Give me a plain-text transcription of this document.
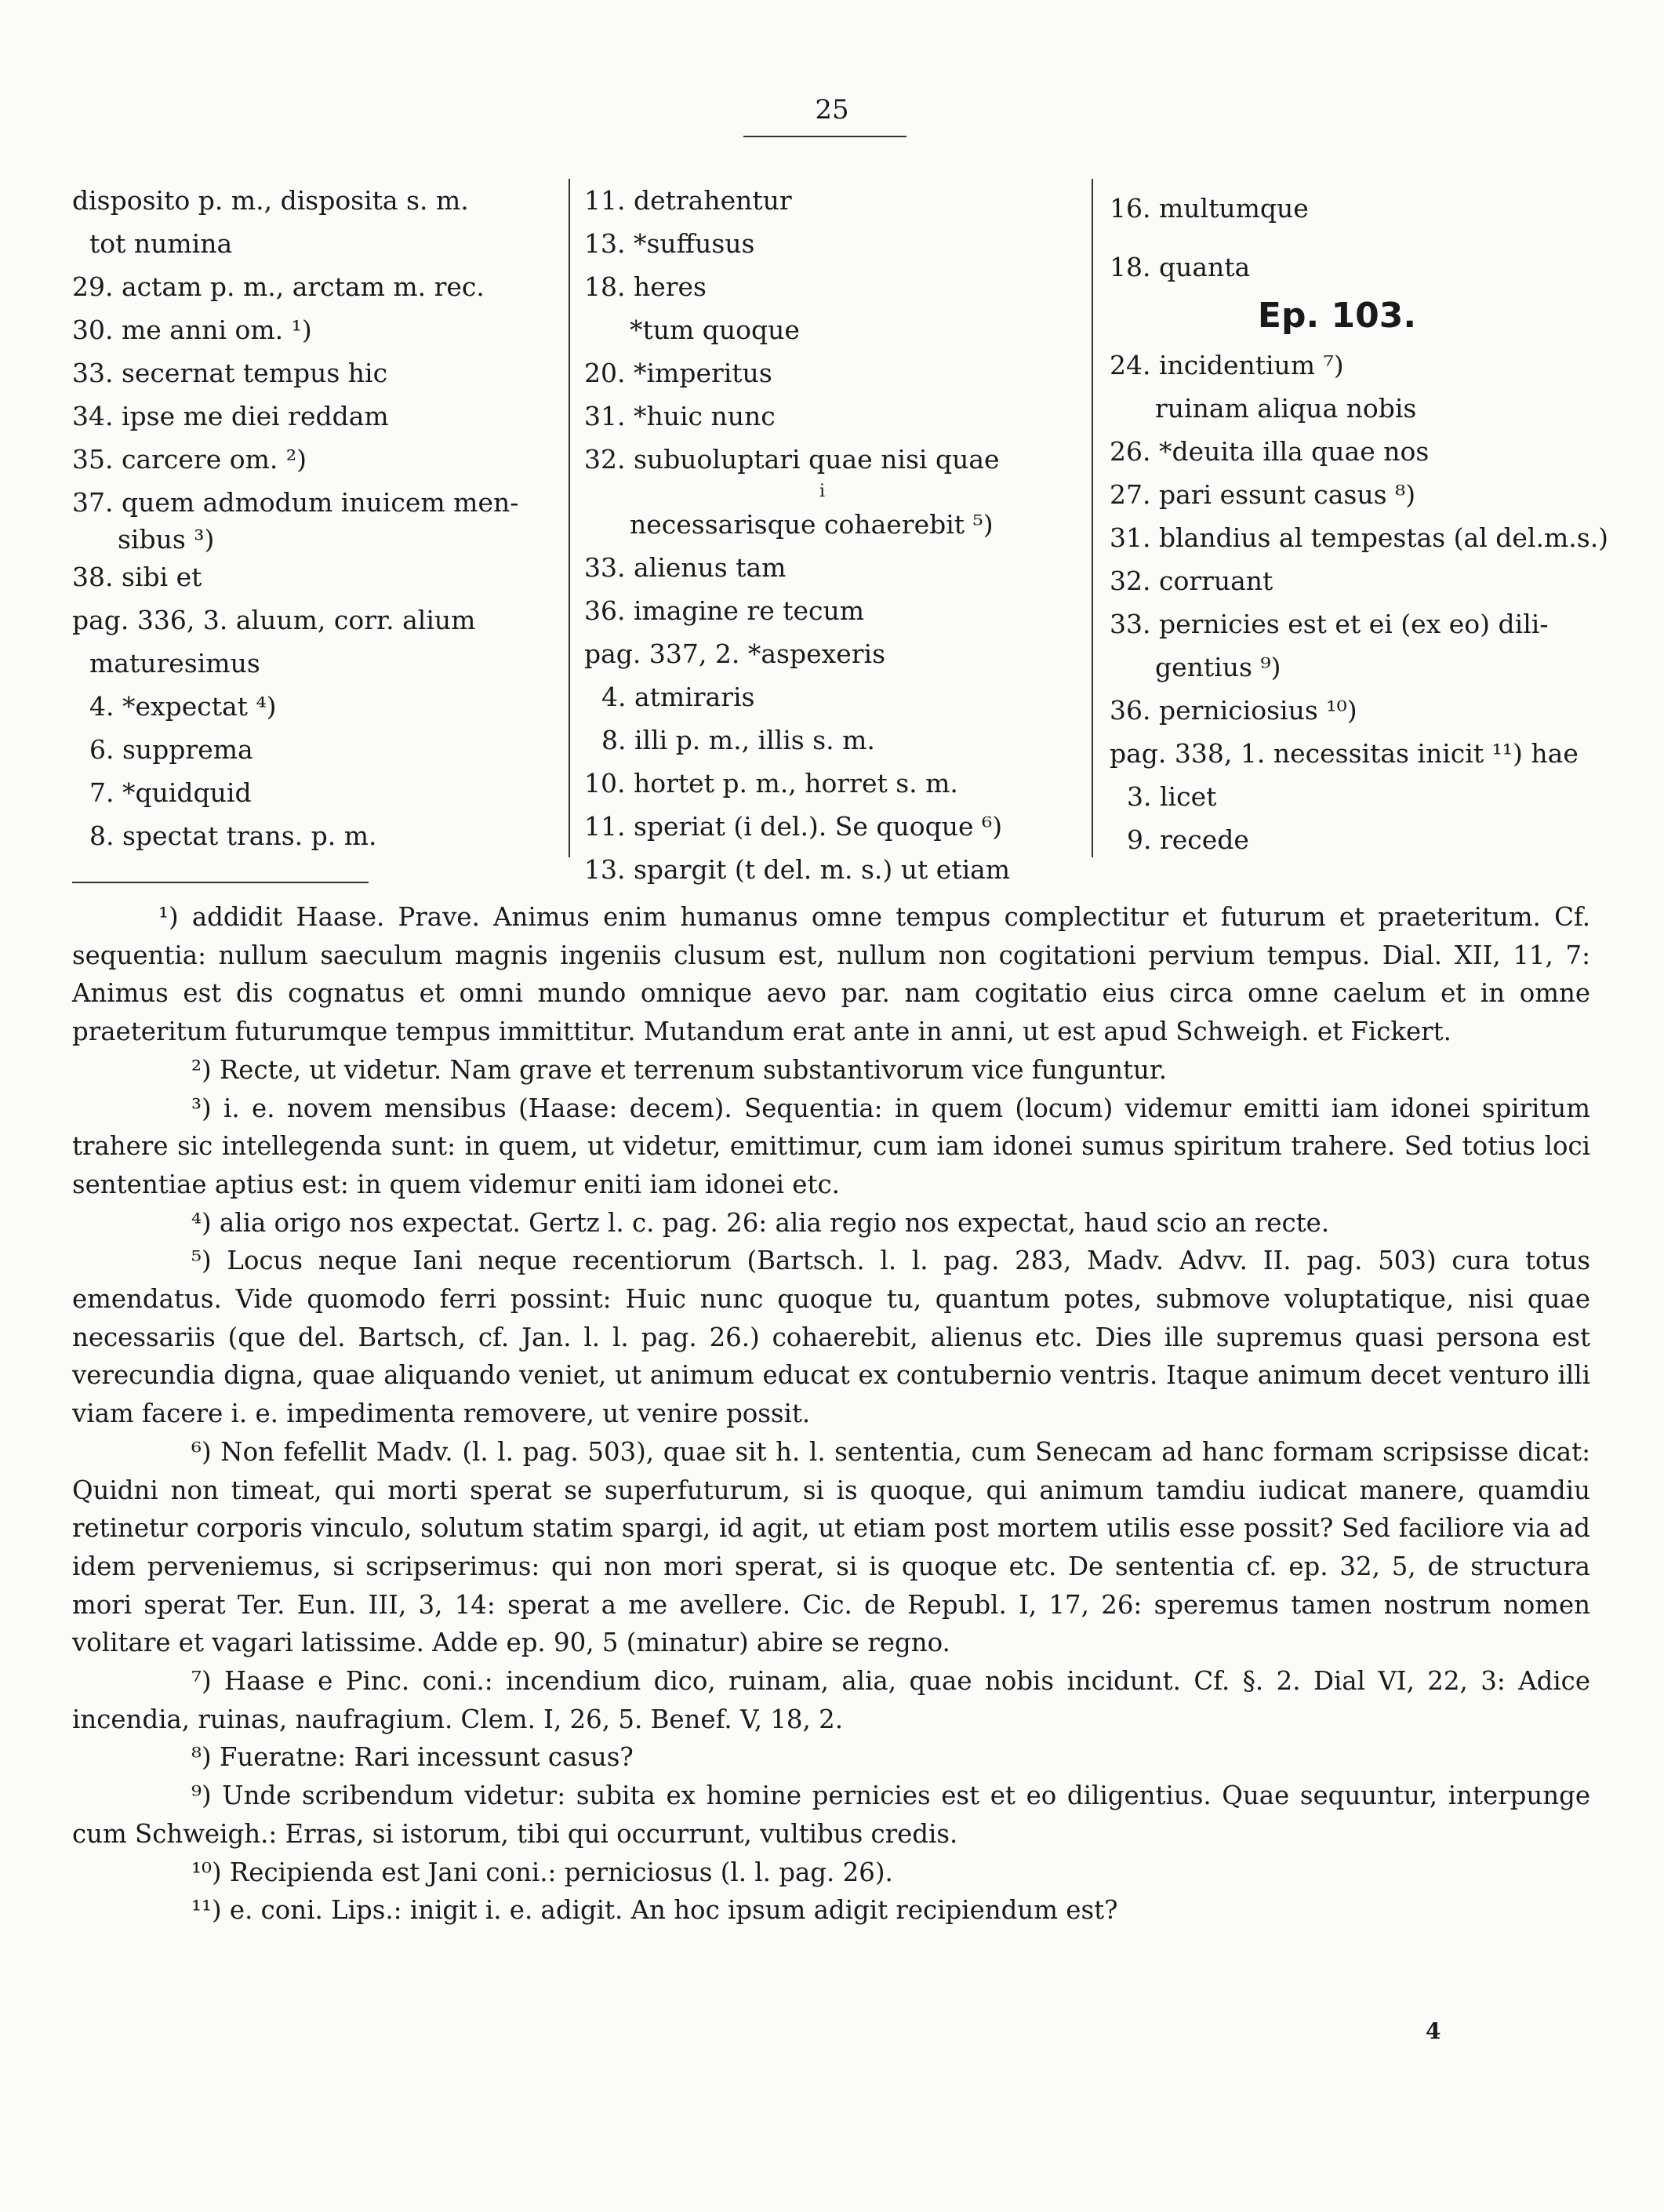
25
disposito p. m., disposita s. m.
tot numina
29. actam p. m., arctam m. rec.
30. me anni om. ¹)
33. secernat tempus hic
34. ipse me diei reddam
35. carcere om. ²)
37. quem admodum inuicem men-
sibus ³)
38. sibi et
pag. 336, 3. aluum, corr. alium
maturesimus
4. *expectat ⁴)
6. supprema
7. *quidquid
8. spectat trans. p. m.
11. detrahentur
13. *suffusus
18. heres
*tum quoque
20. *imperitus
31. *huic nunc
32. subuoluptari quae nisi quae
i
necessarisque cohaerebit ⁵)
33. alienus tam
36. imagine re tecum
pag. 337, 2. *aspexeris
4. atmiraris
8. illi p. m., illis s. m.
10. hortet p. m., horret s. m.
11. speriat (i del.). Se quoque ⁶)
13. spargit (t del. m. s.) ut etiam
16. multumque
18. quanta
Ep. 103.
24. incidentium ⁷)
ruinam aliqua nobis
26. *deuita illa quae nos
27. pari essunt casus ⁸)
31. blandius al tempestas (al del.m.s.)
32. corruant
33. pernicies est et ei (ex eo) dili-
gentius ⁹)
36. perniciosius ¹⁰)
pag. 338, 1. necessitas inicit ¹¹) hae
3. licet
9. recede

¹) addidit Haase. Prave. Animus enim humanus omne tempus complectitur et futurum et praeteritum. Cf. sequentia: nullum saeculum magnis ingeniis clusum est, nullum non cogitationi pervium tempus. Dial. XII, 11, 7: Animus est dis cognatus et omni mundo omnique aevo par. nam cogitatio eius circa omne caelum et in omne praeteritum futurumque tempus immittitur. Mutandum erat ante in anni, ut est apud Schweigh. et Fickert.

²) Recte, ut videtur. Nam grave et terrenum substantivorum vice funguntur.

³) i. e. novem mensibus (Haase: decem). Sequentia: in quem (locum) videmur emitti iam idonei spiritum trahere sic intellegenda sunt: in quem, ut videtur, emittimur, cum iam idonei sumus spiritum trahere. Sed totius loci sententiae aptius est: in quem videmur eniti iam idonei etc.

⁴) alia origo nos expectat. Gertz l. c. pag. 26: alia regio nos expectat, haud scio an recte.

⁵) Locus neque Iani neque recentiorum (Bartsch. l. l. pag. 283, Madv. Advv. II. pag. 503) cura totus emendatus. Vide quomodo ferri possint: Huic nunc quoque tu, quantum potes, submove voluptatique, nisi quae necessariis (que del. Bartsch, cf. Jan. l. l. pag. 26.) cohaerebit, alienus etc. Dies ille supremus quasi persona est verecundia digna, quae aliquando veniet, ut animum educat ex contubernio ventris. Itaque animum decet venturo illi viam facere i. e. impedimenta removere, ut venire possit.

⁶) Non fefellit Madv. (l. l. pag. 503), quae sit h. l. sententia, cum Senecam ad hanc formam scripsisse dicat: Quidni non timeat, qui morti sperat se superfuturum, si is quoque, qui animum tamdiu iudicat manere, quamdiu retinetur corporis vinculo, solutum statim spargi, id agit, ut etiam post mortem utilis esse possit? Sed faciliore via ad idem perveniemus, si scripserimus: qui non mori sperat, si is quoque etc. De sententia cf. ep. 32, 5, de structura mori sperat Ter. Eun. III, 3, 14: sperat a me avellere. Cic. de Republ. I, 17, 26: speremus tamen nostrum nomen volitare et vagari latissime. Adde ep. 90, 5 (minatur) abire se regno.

⁷) Haase e Pinc. coni.: incendium dico, ruinam, alia, quae nobis incidunt. Cf. §. 2. Dial VI, 22, 3: Adice incendia, ruinas, naufragium. Clem. I, 26, 5. Benef. V, 18, 2.

⁸) Fueratne: Rari incessunt casus?

⁹) Unde scribendum videtur: subita ex homine pernicies est et eo diligentius. Quae sequuntur, interpunge cum Schweigh.: Erras, si istorum, tibi qui occurrunt, vultibus credis.

¹⁰) Recipienda est Jani coni.: perniciosus (l. l. pag. 26).

¹¹) e. coni. Lips.: inigit i. e. adigit. An hoc ipsum adigit recipiendum est?

4
